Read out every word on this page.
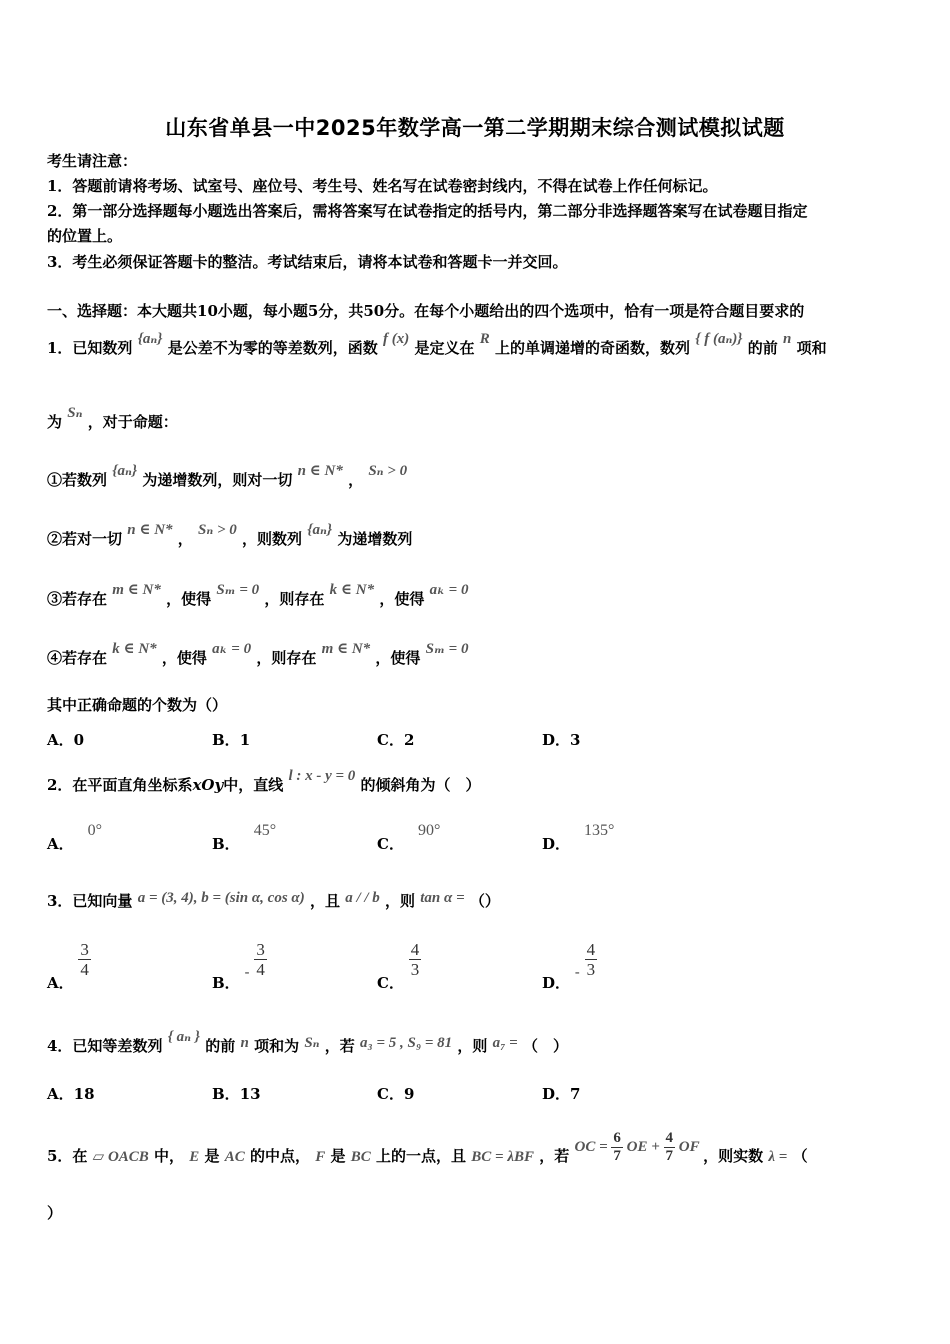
山东省单县一中2025年数学高一第二学期期末综合测试模拟试题
考生请注意：
1．答题前请将考场、试室号、座位号、考生号、姓名写在试卷密封线内，不得在试卷上作任何标记。
2．第一部分选择题每小题选出答案后，需将答案写在试卷指定的括号内，第二部分非选择题答案写在试卷题目指定
的位置上。
3．考生必须保证答题卡的整洁。考试结束后，请将本试卷和答题卡一并交回。
一、选择题：本大题共10小题，每小题5分，共50分。在每个小题给出的四个选项中，恰有一项是符合题目要求的
1．已知数列 {aₙ} 是公差不为零的等差数列，函数 f (x) 是定义在 R 上的单调递增的奇函数，数列 { f (aₙ)} 的前 n 项和
为 Sₙ ，对于命题：
①若数列 {aₙ} 为递增数列，则对一切 n ∈ N* ， Sₙ > 0
②若对一切 n ∈ N* ， Sₙ > 0 ，则数列 {aₙ} 为递增数列
③若存在 m ∈ N* ，使得 Sₘ = 0 ，则存在 k ∈ N* ，使得 aₖ = 0
④若存在 k ∈ N* ，使得 aₖ = 0 ，则存在 m ∈ N* ，使得 Sₘ = 0
其中正确命题的个数为（）
A．0	B．1	C．2	D．3
2．在平面直角坐标系xOy中，直线 l : x - y = 0 的倾斜角为（　）
A．0°
B．45°
C．90°
D．135°
3．已知向量 a = (3, 4), b = (sin α, cos α) ，且 a / / b ，则 tan α = （）
A．
$\frac{3}{4}$
B． - $\frac{3}{4}$
C．
$\frac{4}{3}$
D． - $\frac{4}{3}$
4．已知等差数列 { aₙ } 的前 n 项和为 Sₙ ，若 a₃ = 5 , S₉ = 81 ，则 a₇ = （　）
A．18	B．13	C．9	D．7
5．在 ▱ OACB 中， E 是 AC 的中点， F 是 BC 上的一点，且 BC = λBF ，若 OC = $\frac{6}{7}$ OE + $\frac{4}{7}$ OF ，则实数 λ = （
）
